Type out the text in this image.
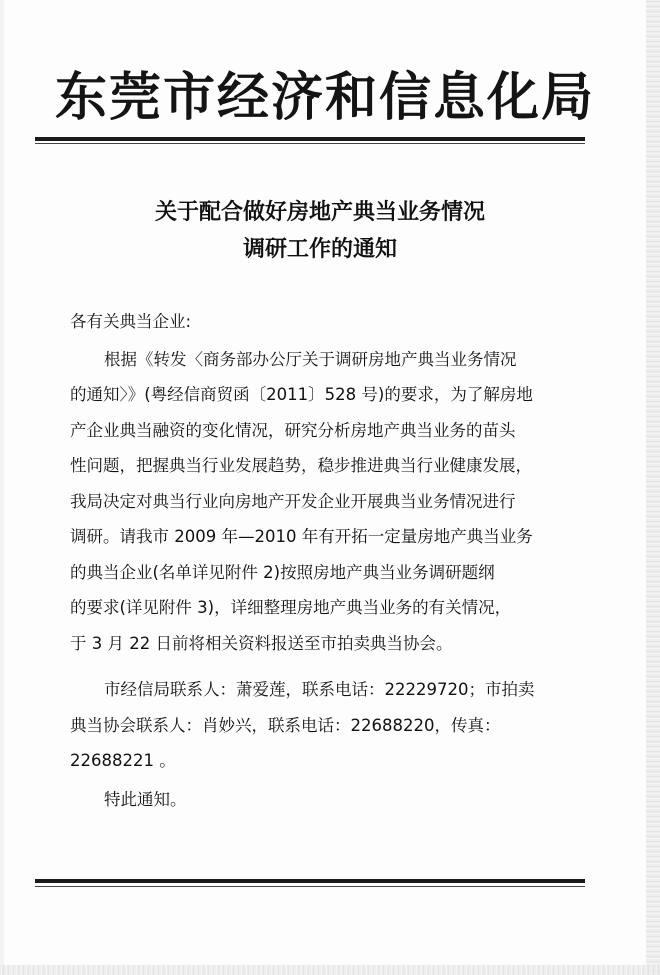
东莞市经济和信息化局
关于配合做好房地产典当业务情况
调研工作的通知
各有关典当企业:
根据《转发〈商务部办公厅关于调研房地产典当业务情况
的通知〉》(粤经信商贸函〔2011〕528 号)的要求，为了解房地
产企业典当融资的变化情况，研究分析房地产典当业务的苗头
性问题，把握典当行业发展趋势，稳步推进典当行业健康发展，
我局决定对典当行业向房地产开发企业开展典当业务情况进行
调研。请我市 2009 年—2010 年有开拓一定量房地产典当业务
的典当企业(名单详见附件 2)按照房地产典当业务调研题纲
的要求(详见附件 3)，详细整理房地产典当业务的有关情况，
于 3 月 22 日前将相关资料报送至市拍卖典当协会。
市经信局联系人：萧爱莲，联系电话：22229720；市拍卖
典当协会联系人：肖妙兴，联系电话：22688220，传真：
22688221 。
特此通知。
